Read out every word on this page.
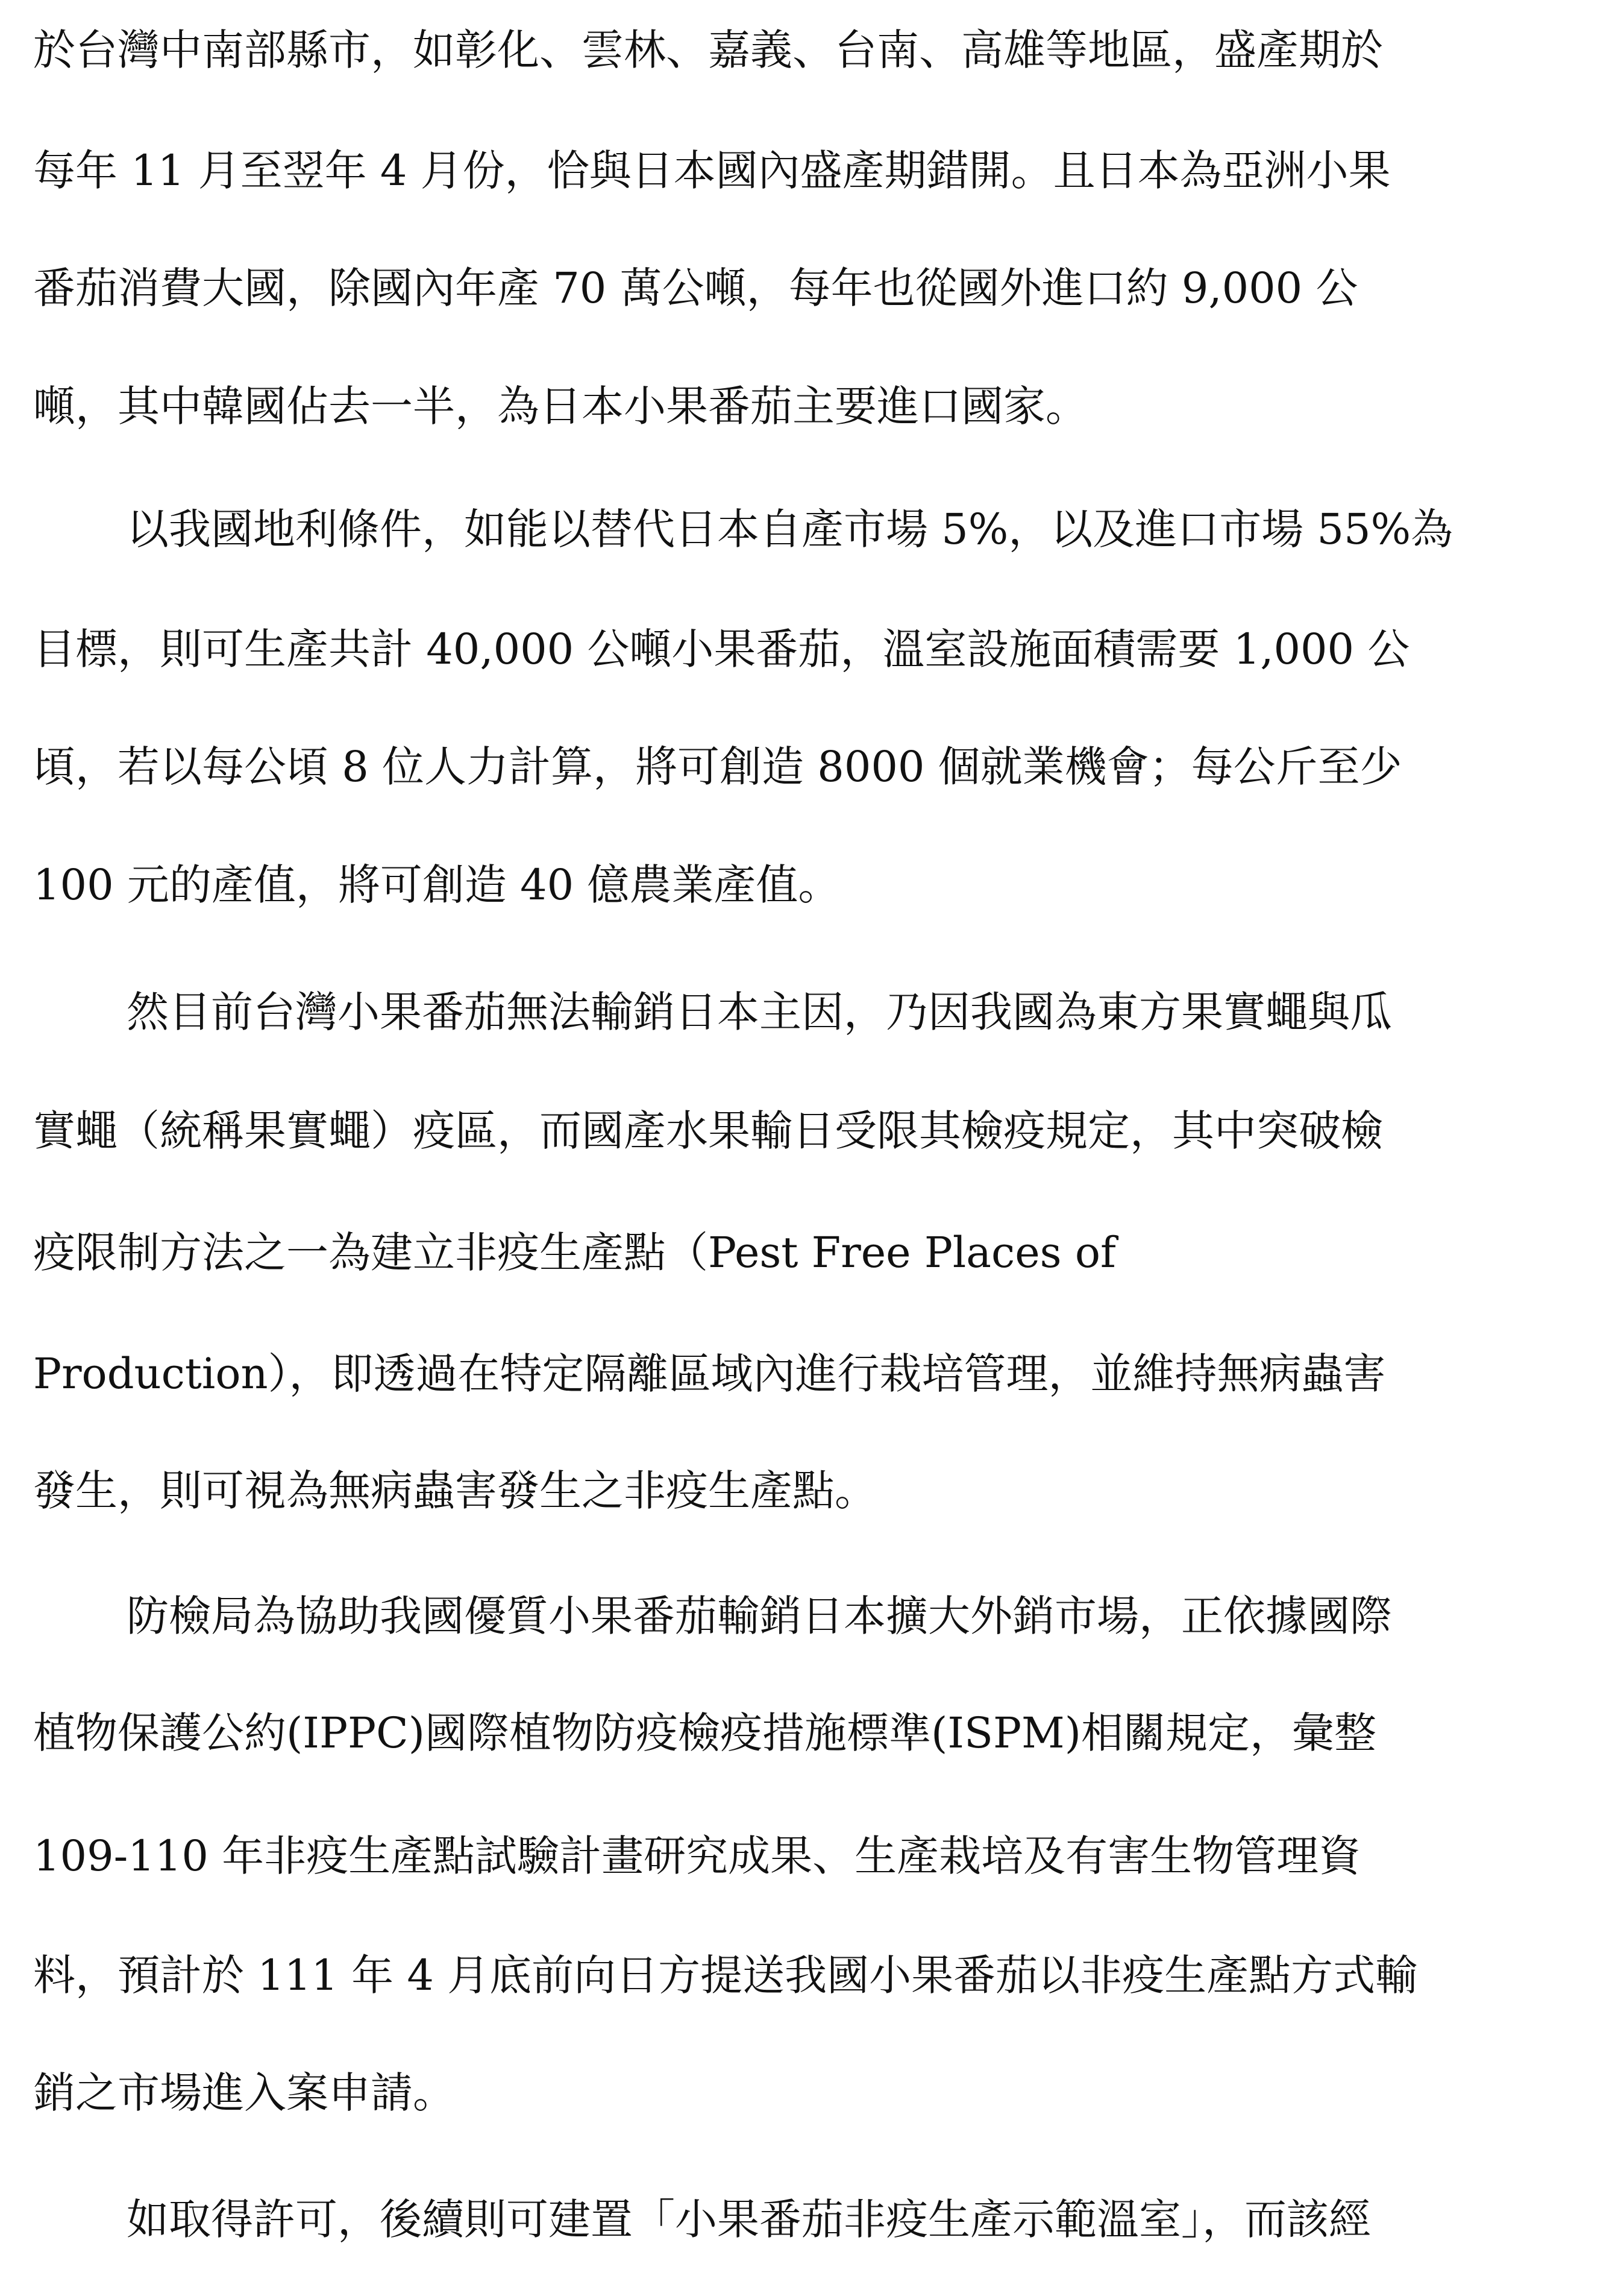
於台灣中南部縣市，如彰化、雲林、嘉義、台南、高雄等地區，盛產期於
每年 11 月至翌年 4 月份，恰與日本國內盛產期錯開。且日本為亞洲小果
番茄消費大國，除國內年產 70 萬公噸，每年也從國外進口約 9,000 公
噸，其中韓國佔去一半，為日本小果番茄主要進口國家。
以我國地利條件，如能以替代日本自產市場 5%，以及進口市場 55%為
目標，則可生產共計 40,000 公噸小果番茄，溫室設施面積需要 1,000 公
頃，若以每公頃 8 位人力計算，將可創造 8000 個就業機會；每公斤至少
100 元的產值，將可創造 40 億農業產值。
然目前台灣小果番茄無法輸銷日本主因，乃因我國為東方果實蠅與瓜
實蠅（統稱果實蠅）疫區，而國產水果輸日受限其檢疫規定，其中突破檢
疫限制方法之一為建立非疫生產點（Pest Free Places of
Production），即透過在特定隔離區域內進行栽培管理，並維持無病蟲害
發生，則可視為無病蟲害發生之非疫生產點。
防檢局為協助我國優質小果番茄輸銷日本擴大外銷市場，正依據國際
植物保護公約(IPPC)國際植物防疫檢疫措施標準(ISPM)相關規定，彙整
109-110 年非疫生產點試驗計畫研究成果、生產栽培及有害生物管理資
料，預計於 111 年 4 月底前向日方提送我國小果番茄以非疫生產點方式輸
銷之市場進入案申請。
如取得許可，後續則可建置「小果番茄非疫生產示範溫室」，而該經
